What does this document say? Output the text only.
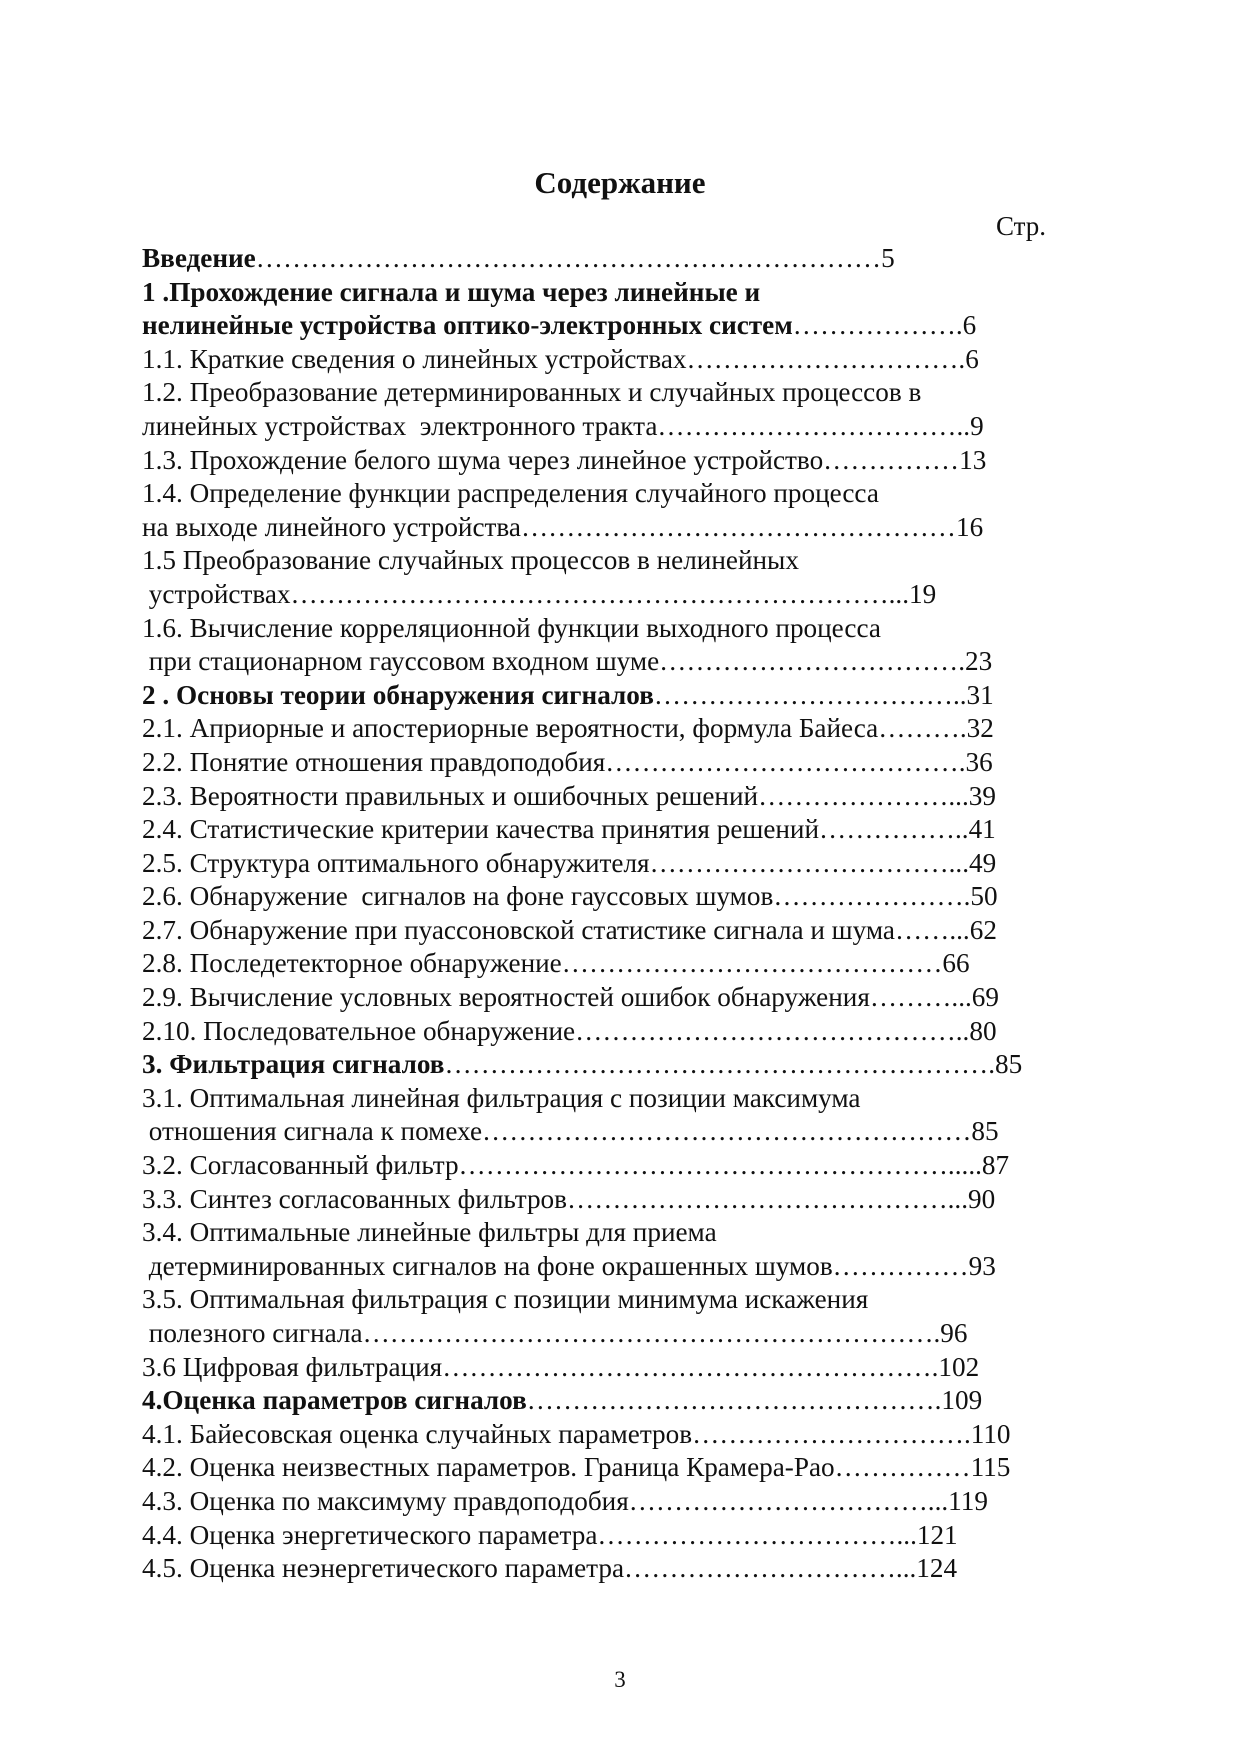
Содержание
Стр.
Введение……………………………………………………………5
1 .Прохождение сигнала и шума через линейные и
нелинейные устройства оптико-электронных систем……………….6
1.1. Краткие сведения о линейных устройствах………………………….6
1.2. Преобразование детерминированных и случайных процессов в
линейных устройствах  электронного тракта……………………………..9
1.3. Прохождение белого шума через линейное устройство……………13
1.4. Определение функции распределения случайного процесса
на выходе линейного устройства…………………………………………16
1.5 Преобразование случайных процессов в нелинейных
устройствах…………………………………………………………...19
1.6. Вычисление корреляционной функции выходного процесса
при стационарном гауссовом входном шуме…………………………….23
2 . Основы теории обнаружения сигналов……………………………..31
2.1. Априорные и апостериорные вероятности, формула Байеса……….32
2.2. Понятие отношения правдоподобия………………………………….36
2.3. Вероятности правильных и ошибочных решений…………………...39
2.4. Статистические критерии качества принятия решений……………..41
2.5. Структура оптимального обнаружителя……………………………...49
2.6. Обнаружение  сигналов на фоне гауссовых шумов………………….50
2.7. Обнаружение при пуассоновской статистике сигнала и шума……...62
2.8. Последетекторное обнаружение……………………………………66
2.9. Вычисление условных вероятностей ошибок обнаружения………...69
2.10. Последовательное обнаружение……………………………………..80
3. Фильтрация сигналов…………………………………………………….85
3.1. Оптимальная линейная фильтрация с позиции максимума
отношения сигнала к помехе………………………………………………85
3.2. Согласованный фильтр……………………………………………….....87
3.3. Синтез согласованных фильтров……………………………………...90
3.4. Оптимальные линейные фильтры для приема
детерминированных сигналов на фоне окрашенных шумов……………93
3.5. Оптимальная фильтрация с позиции минимума искажения
полезного сигнала……………………………………………………….96
3.6 Цифровая фильтрация……………………………………………….102
4.Оценка параметров сигналов……………………………………….109
4.1. Байесовская оценка случайных параметров………………………….110
4.2. Оценка неизвестных параметров. Граница Крамера-Рао……………115
4.3. Оценка по максимуму правдоподобия……………………………...119
4.4. Оценка энергетического параметра……………………………...121
4.5. Оценка неэнергетического параметра…………………………...124
3
